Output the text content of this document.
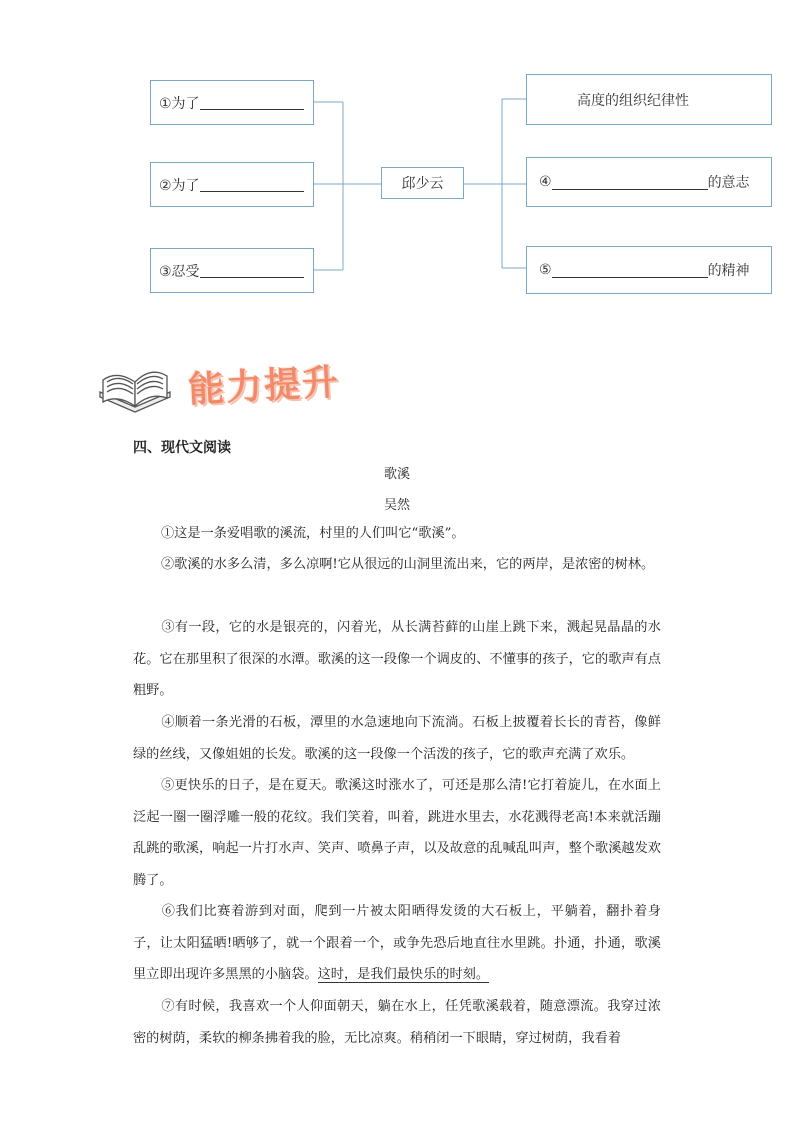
①为了
②为了
③忍受
邱少云
高度的组织纪律性
④	的意志
⑤	的精神
能力提升
四、现代文阅读
歌溪
吴然

①这是一条爱唱歌的溪流，村里的人们叫它“歌溪”。

②歌溪的水多么清，多么凉啊!它从很远的山洞里流出来，它的两岸，是浓密的树林。

③有一段，它的水是银亮的，闪着光，从长满苔藓的山崖上跳下来，溅起晃晶晶的水花。它在那里积了很深的水潭。歌溪的这一段像一个调皮的、不懂事的孩子，它的歌声有点粗野。

④顺着一条光滑的石板，潭里的水急速地向下流淌。石板上披覆着长长的青苔，像鲜绿的丝线，又像姐姐的长发。歌溪的这一段像一个活泼的孩子，它的歌声充满了欢乐。

⑤更快乐的日子，是在夏天。歌溪这时涨水了，可还是那么清!它打着旋儿，在水面上泛起一圈一圈浮雕一般的花纹。我们笑着，叫着，跳进水里去，水花溅得老高!本来就活蹦乱跳的歌溪，响起一片打水声、笑声、喷鼻子声，以及故意的乱喊乱叫声，整个歌溪越发欢腾了。

⑥我们比赛着游到对面，爬到一片被太阳晒得发烫的大石板上，平躺着，翻扑着身子，让太阳猛晒!晒够了，就一个跟着一个，或争先恐后地直往水里跳。扑通，扑通，歌溪里立即出现许多黑黑的小脑袋。这时，是我们最快乐的时刻。

⑦有时候，我喜欢一个人仰面朝天，躺在水上，任凭歌溪载着，随意漂流。我穿过浓密的树荫，柔软的柳条拂着我的脸，无比凉爽。稍稍闭一下眼睛，穿过树荫，我看着
